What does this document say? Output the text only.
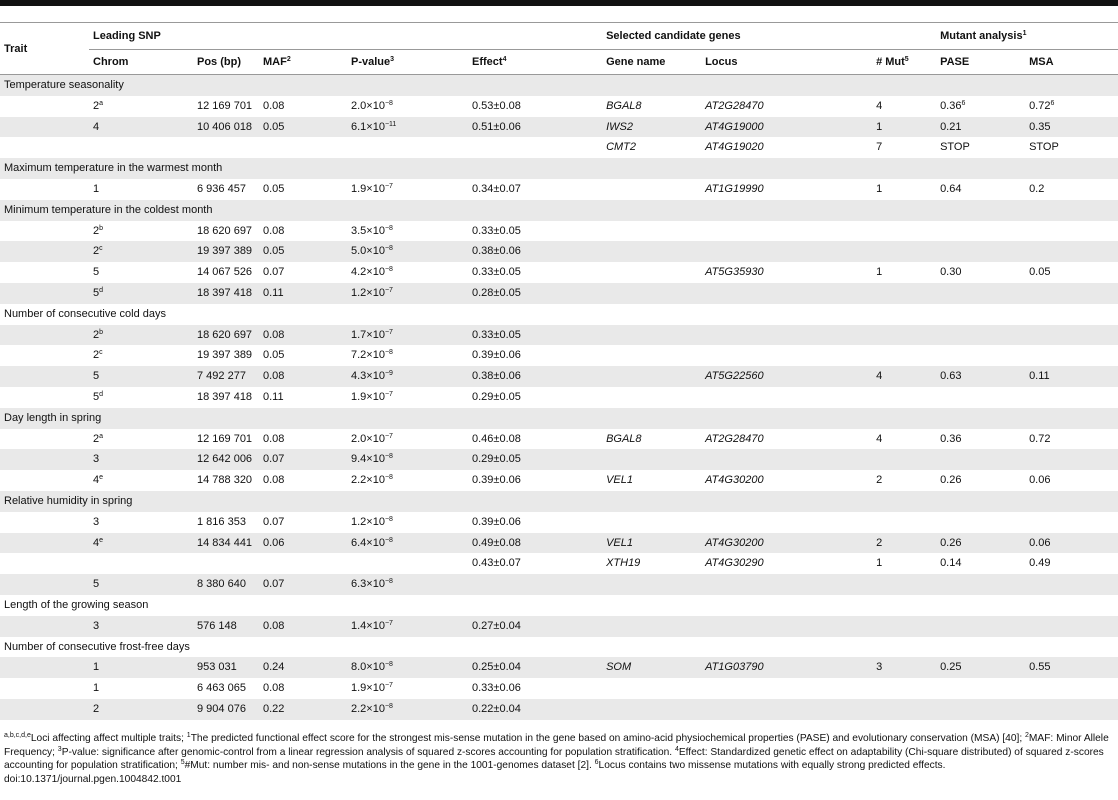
Trait	Leading SNP					Selected candidate genes			Mutant analysis$^1$
	Chrom	Pos (bp)	MAF$^2$	P-value$^3$	Effect$^4$	Gene name	Locus	# Mut$^5$	PASE	MSA
Temperature seasonality										
	2$^a$	12 169 701	0.08	$2.0\times 10^{-8}$	0.53±0.08	BGAL8	AT2G28470	4	0.36$^6$	0.72$^6$
	4	10 406 018	0.05	$6.1\times 10^{-11}$	0.51±0.06	IWS2	AT4G19000	1	0.21	0.35
						CMT2	AT4G19020	7	STOP	STOP
Maximum temperature in the warmest month										
	1	6 936 457	0.05	$1.9\times 10^{-7}$	0.34±0.07		AT1G19990	1	0.64	0.2
Minimum temperature in the coldest month										
	2$^b$	18 620 697	0.08	$3.5\times 10^{-8}$	0.33±0.05					
	2$^c$	19 397 389	0.05	$5.0\times 10^{-8}$	0.38±0.06					
	5	14 067 526	0.07	$4.2\times 10^{-8}$	0.33±0.05		AT5G35930	1	0.30	0.05
	5$^d$	18 397 418	0.11	$1.2\times 10^{-7}$	0.28±0.05					
Number of consecutive cold days										
	2$^b$	18 620 697	0.08	$1.7\times 10^{-7}$	0.33±0.05					
	2$^c$	19 397 389	0.05	$7.2\times 10^{-8}$	0.39±0.06					
	5	7 492 277	0.08	$4.3\times 10^{-9}$	0.38±0.06		AT5G22560	4	0.63	0.11
	5$^d$	18 397 418	0.11	$1.9\times 10^{-7}$	0.29±0.05					
Day length in spring										
	2$^a$	12 169 701	0.08	$2.0\times 10^{-7}$	0.46±0.08	BGAL8	AT2G28470	4	0.36	0.72
	3	12 642 006	0.07	$9.4\times 10^{-8}$	0.29±0.05					
	4e	14 788 320	0.08	$2.2\times 10^{-8}$	0.39±0.06	VEL1	AT4G30200	2	0.26	0.06
Relative humidity in spring										
	3	1 816 353	0.07	$1.2\times 10^{-8}$	0.39±0.06					
	4e	14 834 441	0.06	$6.4\times 10^{-8}$	0.49±0.08	VEL1	AT4G30200	2	0.26	0.06
					0.43±0.07	XTH19	AT4G30290	1	0.14	0.49
	5	8 380 640	0.07	$6.3\times 10^{-8}$						
Length of the growing season										
	3	576 148	0.08	$1.4\times 10^{-7}$	0.27±0.04					
Number of consecutive frost-free days										
	1	953 031	0.24	$8.0\times 10^{-8}$	0.25±0.04	SOM	AT1G03790	3	0.25	0.55
	1	6 463 065	0.08	$1.9\times 10^{-7}$	0.33±0.06					
	2	9 904 076	0.22	$2.2\times 10^{-8}$	0.22±0.04					
$^{a,b,c,d,e}$Loci affecting affect multiple traits; $^1$The predicted functional effect score for the strongest mis-sense mutation in the gene based on amino-acid physiochemical properties (PASE) and evolutionary conservation (MSA) [40]; $^2$MAF: Minor Allele Frequency; $^3$P-value: significance after genomic-control from a linear regression analysis of squared z-scores accounting for population stratification. $^4$Effect: Standardized genetic effect on adaptability (Chi-square distributed) of squared z-scores accounting for population stratification; $^5$#Mut: number mis- and non-sense mutations in the gene in the 1001-genomes dataset [2]. $^6$Locus contains two missense mutations with equally strong predicted effects.
doi:10.1371/journal.pgen.1004842.t001
